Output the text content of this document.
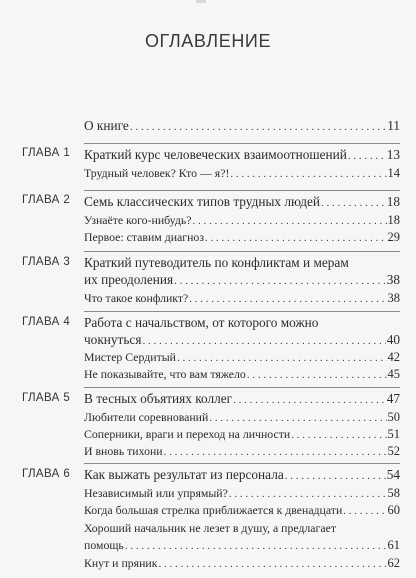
ОГЛАВЛЕНИЕ
О книге . . .	11
ГЛАВА 1 Краткий курс человеческих взаимоотношений . . .	13
Трудный человек? Кто — я?! . . .	14
ГЛАВА 2 Семь классических типов трудных людей . . .	18
Узнаёте кого-нибудь? . . .	18
Первое: ставим диагноз . . .	29
ГЛАВА 3 Краткий путеводитель по конфликтам и мерам
их преодоления . . .	38
Что такое конфликт? . . .	38
ГЛАВА 4 Работа с начальством, от которого можно
чокнуться . . .	40
Мистер Сердитый . . .	42
Не показывайте, что вам тяжело . . .	45
ГЛАВА 5 В тесных объятиях коллег . . .	47
Любители соревнований . . .	50
Соперники, враги и переход на личности . . .	51
И вновь тихони . . .	52
ГЛАВА 6 Как выжать результат из персонала . . .	54
Независимый или упрямый? . . .	58
Когда большая стрелка приближается к двенадцати . . .	60
Хороший начальник не лезет в душу, а предлагает
помощь . . .	61
Кнут и пряник . . .	62
